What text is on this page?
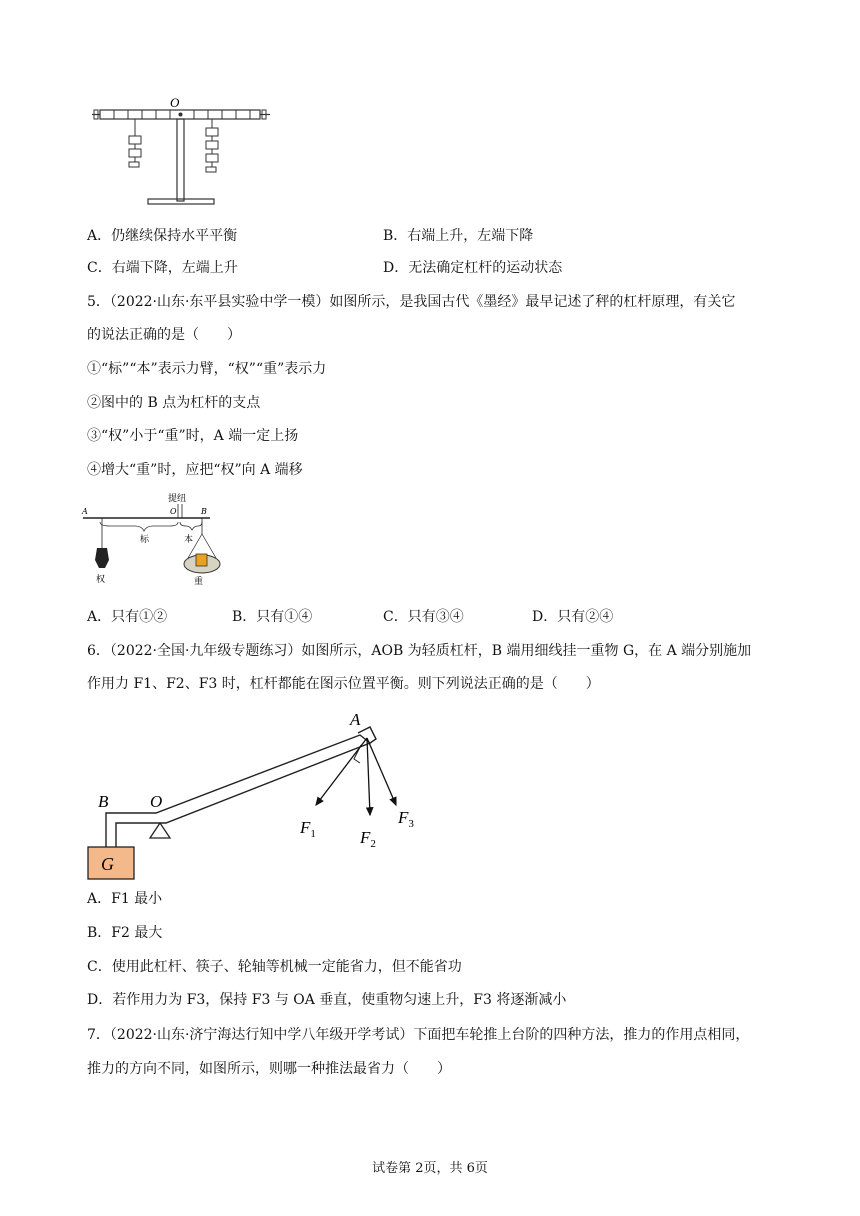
O
A．仍继续保持水平平衡	B．右端上升，左端下降
C．右端下降，左端上升	D．无法确定杠杆的运动状态
5．（2022·山东·东平县实验中学一模）如图所示，是我国古代《墨经》最早记述了秤的杠杆原理，有关它
的说法正确的是（　　）
①“标”“本”表示力臂，“权”“重”表示力
②图中的 B 点为杠杆的支点
③“权”小于“重”时，A 端一定上扬
④增大“重”时，应把“权”向 A 端移
A	O	B
提纽
标	本
权	重
A．只有①②	B．只有①④	C．只有③④	D．只有②④
6．（2022·全国·九年级专题练习）如图所示，AOB 为轻质杠杆，B 端用细线挂一重物 G，在 A 端分别施加
作用力 F1、F2、F3 时，杠杆都能在图示位置平衡。则下列说法正确的是（　　）
G
B O
A
$F_1$	$F_2$
$F_3$
A．F1 最小
B．F2 最大
C．使用此杠杆、筷子、轮轴等机械一定能省力，但不能省功
D．若作用力为 F3，保持 F3 与 OA 垂直，使重物匀速上升，F3 将逐渐减小
7．（2022·山东·济宁海达行知中学八年级开学考试）下面把车轮推上台阶的四种方法，推力的作用点相同，
推力的方向不同，如图所示，则哪一种推法最省力（　　）
试卷第 2页，共 6页
